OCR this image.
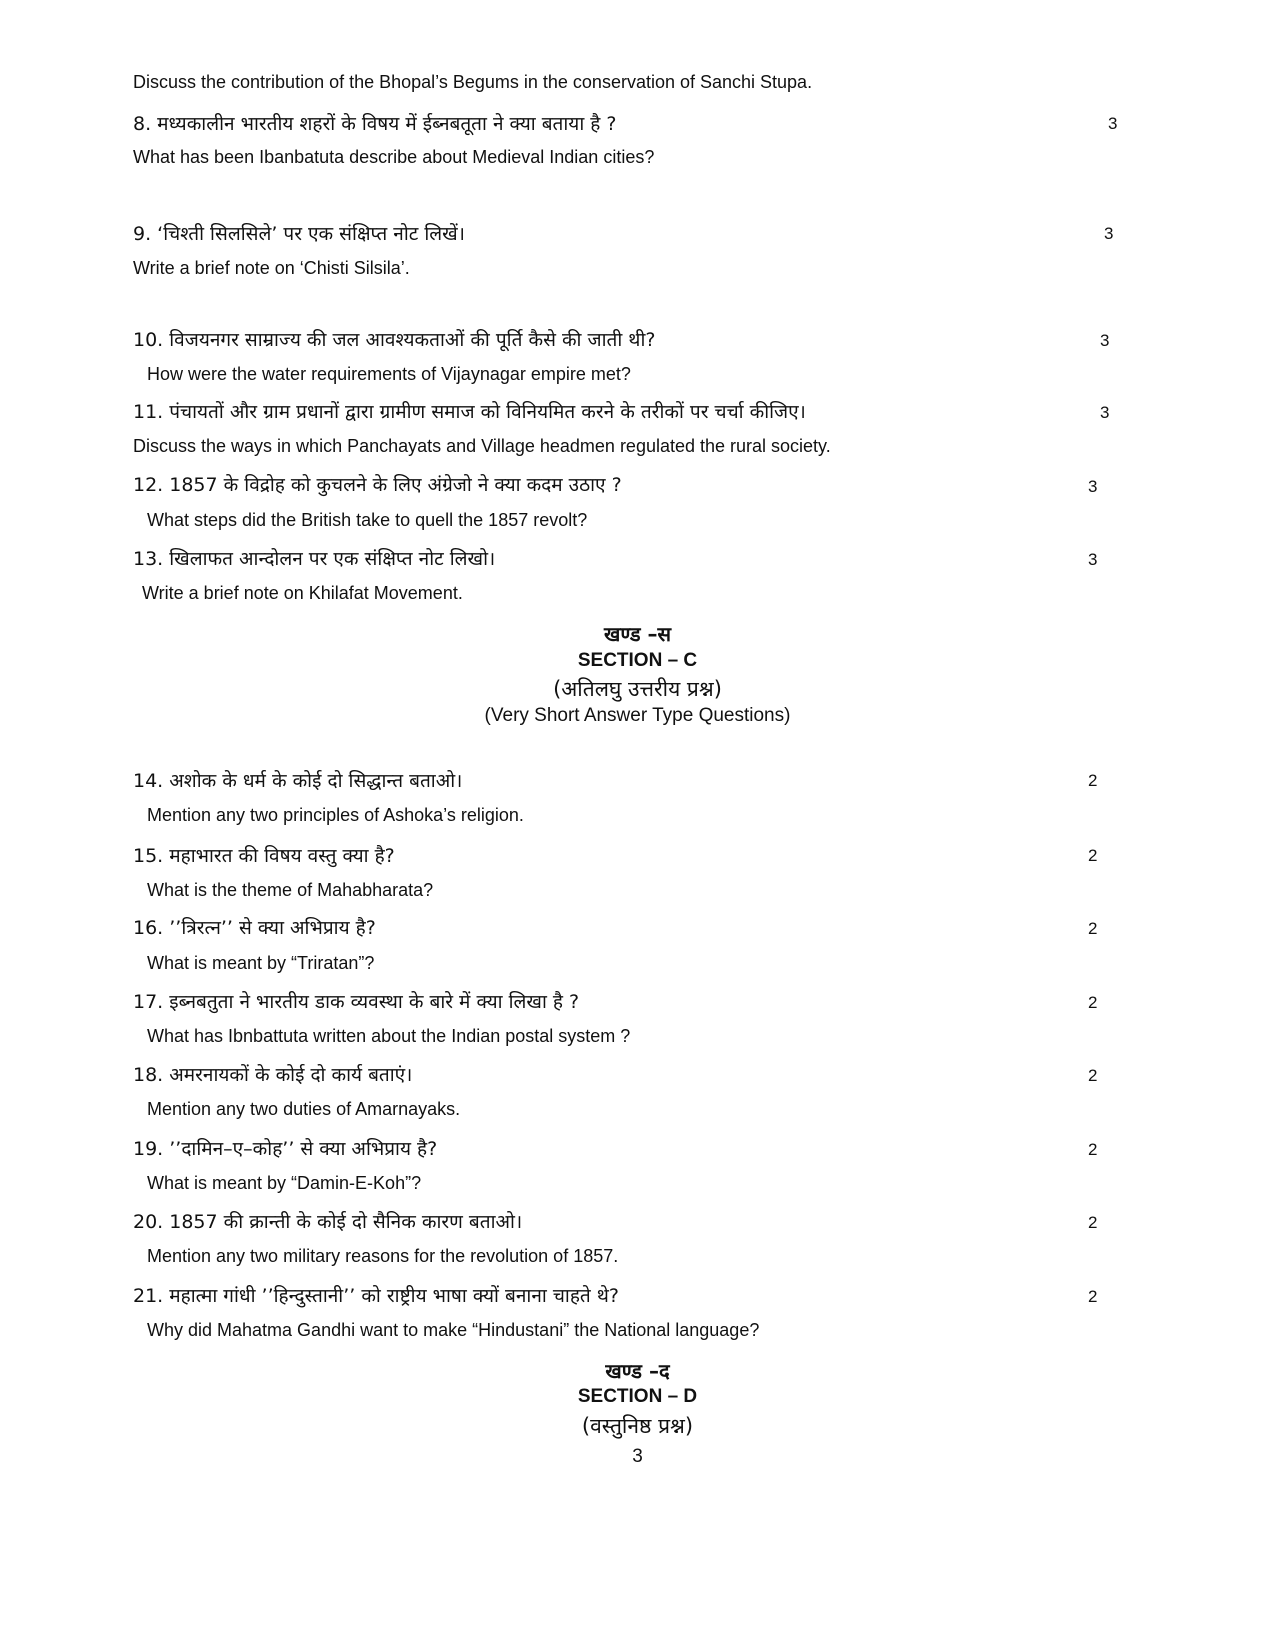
Discuss the contribution of the Bhopal’s Begums in the conservation of Sanchi Stupa.
8. मध्यकालीन भारतीय शहरों के विषय में ईब्नबतूता ने क्या बताया है ?	3
What has been Ibanbatuta describe about Medieval Indian cities?
9. ‘चिश्ती सिलसिले’ पर एक संक्षिप्त नोट लिखें।	3
Write a brief note on ‘Chisti Silsila’.
10. विजयनगर साम्राज्य की जल आवश्यकताओं की पूर्ति कैसे की जाती थी?	3
How were the water requirements of Vijaynagar empire met?
11. पंचायतों और ग्राम प्रधानों द्वारा ग्रामीण समाज को विनियमित करने के तरीकों पर चर्चा कीजिए।	3
Discuss the ways in which Panchayats and Village headmen regulated the rural society.
12. 1857 के विद्रोह को कुचलने के लिए अंग्रेजो ने क्या कदम उठाए ?	3
What steps did the British take to quell the 1857 revolt?
13. खिलाफत आन्दोलन पर एक संक्षिप्त नोट लिखो।	3
Write a brief note on Khilafat Movement.
खण्ड –स
SECTION – C
(अतिलघु उत्तरीय प्रश्न)
(Very Short Answer Type Questions)
14. अशोक के धर्म के कोई दो सिद्धान्त बताओ।	2
Mention any two principles of Ashoka’s religion.
15. महाभारत की विषय वस्तु क्या है?	2
What is the theme of Mahabharata?
16. ’’त्रिरत्न’’ से क्या अभिप्राय है?	2
What is meant by “Triratan”?
17. इब्नबतुता ने भारतीय डाक व्यवस्था के बारे में क्या लिखा है ?	2
What has Ibnbattuta written about the Indian postal system ?
18. अमरनायकों के कोई दो कार्य बताएं।	2
Mention any two duties of Amarnayaks.
19. ’’दामिन–ए–कोह’’ से क्या अभिप्राय है?	2
What is meant by “Damin-E-Koh”?
20. 1857 की क्रान्ती के कोई दो सैनिक कारण बताओ।	2
Mention any two military reasons for the revolution of 1857.
21. महात्मा गांधी ’’हिन्दुस्तानी’’ को राष्ट्रीय भाषा क्यों बनाना चाहते थे?	2
Why did Mahatma Gandhi want to make “Hindustani” the National language?
खण्ड –द
SECTION – D
(वस्तुनिष्ठ प्रश्न)
3
